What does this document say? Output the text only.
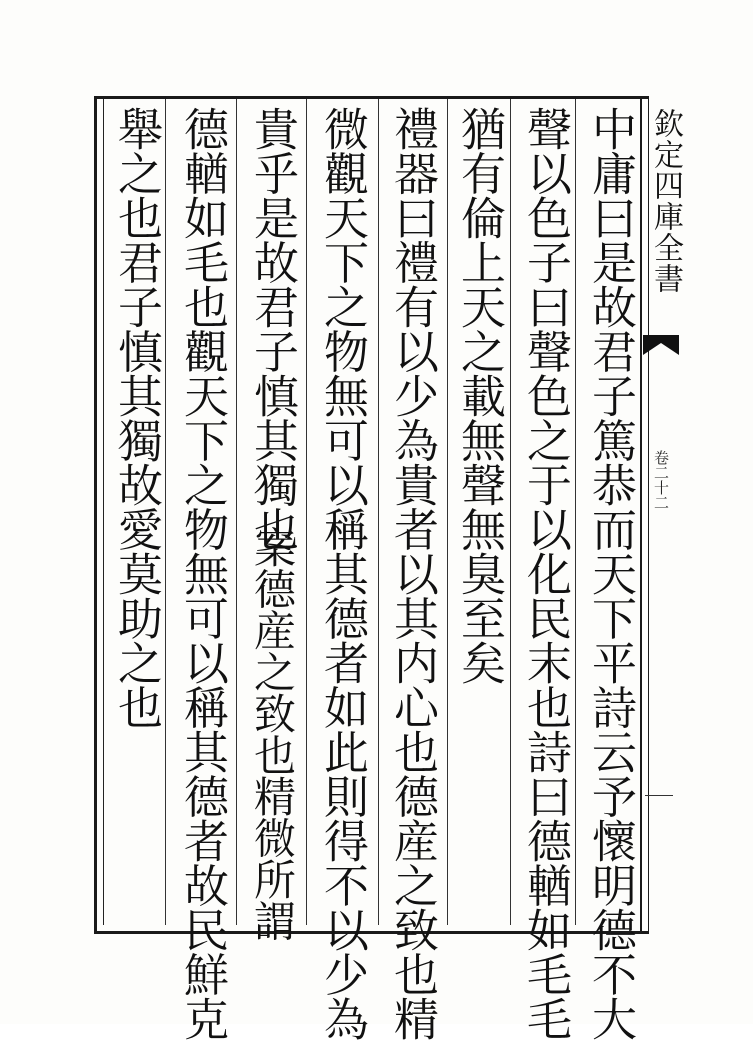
欽定四庫全書
卷二十二
中庸曰是故君子篤恭而天下平詩云予懷明德不大
聲以色子曰聲色之于以化民末也詩曰德輶如毛毛
猶有倫上天之載無聲無臭至矣
禮器曰禮有以少為貴者以其内心也德産之致也精
微觀天下之物無可以稱其德者如此則得不以少為
貴乎是故君子慎其獨也
案德産之致也精微所謂
德輶如毛也觀天下之物無可以稱其德者故民鮮克
舉之也君子慎其獨故愛莫助之也
